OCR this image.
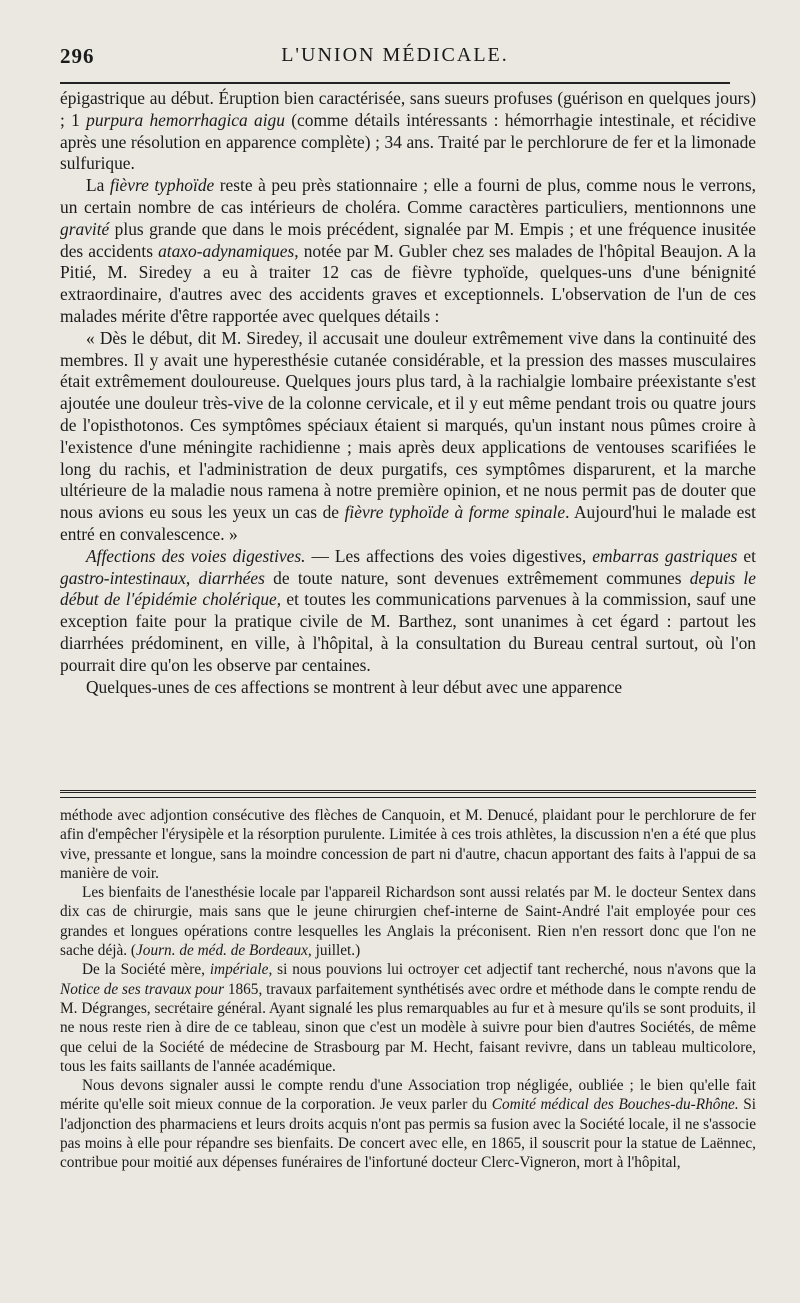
296	L'UNION MÉDICALE.

épigastrique au début. Éruption bien caractérisée, sans sueurs profuses (guérison en quelques jours) ; 1 purpura hemorrhagica aigu (comme détails intéressants : hémorrhagie intestinale, et récidive après une résolution en apparence complète) ; 34 ans. Traité par le perchlorure de fer et la limonade sulfurique.

La fièvre typhoïde reste à peu près stationnaire ; elle a fourni de plus, comme nous le verrons, un certain nombre de cas intérieurs de choléra. Comme caractères particuliers, mentionnons une gravité plus grande que dans le mois précédent, signalée par M. Empis ; et une fréquence inusitée des accidents ataxo-adynamiques, notée par M. Gubler chez ses malades de l'hôpital Beaujon. A la Pitié, M. Siredey a eu à traiter 12 cas de fièvre typhoïde, quelques-uns d'une bénignité extraordinaire, d'autres avec des accidents graves et exceptionnels. L'observation de l'un de ces malades mérite d'être rapportée avec quelques détails :

« Dès le début, dit M. Siredey, il accusait une douleur extrêmement vive dans la continuité des membres. Il y avait une hyperesthésie cutanée considérable, et la pression des masses musculaires était extrêmement douloureuse. Quelques jours plus tard, à la rachialgie lombaire préexistante s'est ajoutée une douleur très-vive de la colonne cervicale, et il y eut même pendant trois ou quatre jours de l'opisthotonos. Ces symptômes spéciaux étaient si marqués, qu'un instant nous pûmes croire à l'existence d'une méningite rachidienne ; mais après deux applications de ventouses scarifiées le long du rachis, et l'administration de deux purgatifs, ces symptômes disparurent, et la marche ultérieure de la maladie nous ramena à notre première opinion, et ne nous permit pas de douter que nous avions eu sous les yeux un cas de fièvre typhoïde à forme spinale. Aujourd'hui le malade est entré en convalescence. »

Affections des voies digestives. — Les affections des voies digestives, embarras gastriques et gastro-intestinaux, diarrhées de toute nature, sont devenues extrêmement communes depuis le début de l'épidémie cholérique, et toutes les communications parvenues à la commission, sauf une exception faite pour la pratique civile de M. Barthez, sont unanimes à cet égard : partout les diarrhées prédominent, en ville, à l'hôpital, à la consultation du Bureau central surtout, où l'on pourrait dire qu'on les observe par centaines.

Quelques-unes de ces affections se montrent à leur début avec une apparence

méthode avec adjontion consécutive des flèches de Canquoin, et M. Denucé, plaidant pour le perchlorure de fer afin d'empêcher l'érysipèle et la résorption purulente. Limitée à ces trois athlètes, la discussion n'en a été que plus vive, pressante et longue, sans la moindre concession de part ni d'autre, chacun apportant des faits à l'appui de sa manière de voir.

Les bienfaits de l'anesthésie locale par l'appareil Richardson sont aussi relatés par M. le docteur Sentex dans dix cas de chirurgie, mais sans que le jeune chirurgien chef-interne de Saint-André l'ait employée pour ces grandes et longues opérations contre lesquelles les Anglais la préconisent. Rien n'en ressort donc que l'on ne sache déjà. (Journ. de méd. de Bordeaux, juillet.)

De la Société mère, impériale, si nous pouvions lui octroyer cet adjectif tant recherché, nous n'avons que la Notice de ses travaux pour 1865, travaux parfaitement synthétisés avec ordre et méthode dans le compte rendu de M. Dégranges, secrétaire général. Ayant signalé les plus remarquables au fur et à mesure qu'ils se sont produits, il ne nous reste rien à dire de ce tableau, sinon que c'est un modèle à suivre pour bien d'autres Sociétés, de même que celui de la Société de médecine de Strasbourg par M. Hecht, faisant revivre, dans un tableau multicolore, tous les faits saillants de l'année académique.

Nous devons signaler aussi le compte rendu d'une Association trop négligée, oubliée ; le bien qu'elle fait mérite qu'elle soit mieux connue de la corporation. Je veux parler du Comité médical des Bouches-du-Rhône. Si l'adjonction des pharmaciens et leurs droits acquis n'ont pas permis sa fusion avec la Société locale, il ne s'associe pas moins à elle pour répandre ses bienfaits. De concert avec elle, en 1865, il souscrit pour la statue de Laënnec, contribue pour moitié aux dépenses funéraires de l'infortuné docteur Clerc-Vigneron, mort à l'hôpital,
